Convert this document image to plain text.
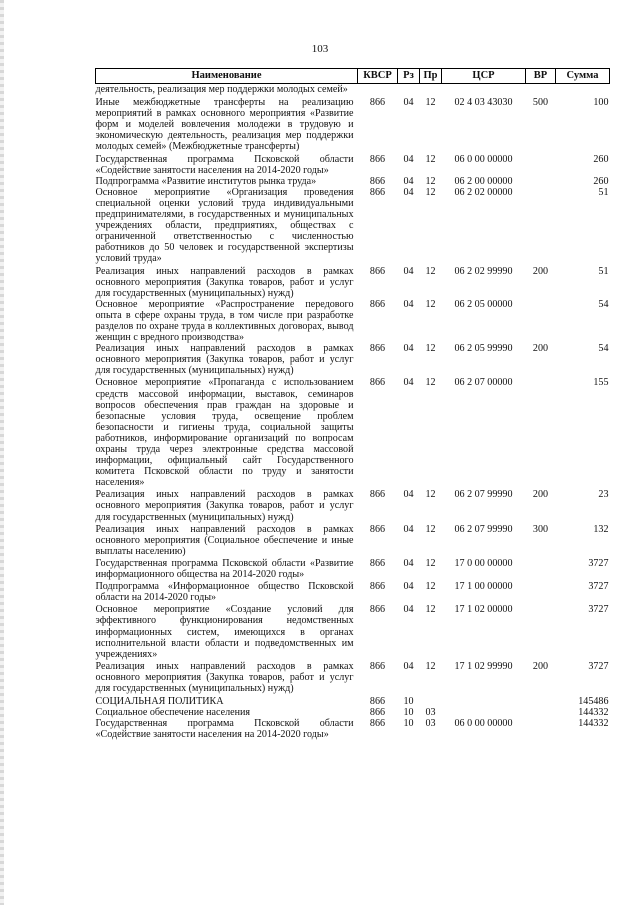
103
Наименование	КВСР	Рз	Пр	ЦСР	ВР	Сумма
деятельность, реализация мер поддержки молодых семей»						
Иные межбюджетные трансферты на реализацию мероприятий в рамках основного мероприятия «Развитие форм и моделей вовлечения молодежи в трудовую и экономическую деятельность, реализация мер поддержки молодых семей» (Межбюджетные трансферты)	866	04	12	02 4 03 43030	500	100
Государственная программа Псковской области «Содействие занятости населения на 2014-2020 годы»	866	04	12	06 0 00 00000		260
Подпрограмма «Развитие институтов рынка труда»	866	04	12	06 2 00 00000		260
Основное мероприятие «Организация проведения специальной оценки условий труда индивидуальными предпринимателями, в государственных и муниципальных учреждениях области, предприятиях, обществах с ограниченной ответственностью с численностью работников до 50 человек и государственной экспертизы условий труда»	866	04	12	06 2 02 00000		51
Реализация иных направлений расходов в рамках основного мероприятия (Закупка товаров, работ и услуг для государственных (муниципальных) нужд)	866	04	12	06 2 02 99990	200	51
Основное мероприятие «Распространение передового опыта в сфере охраны труда, в том числе при разработке разделов по охране труда в коллективных договорах, вывод женщин с вредного производства»	866	04	12	06 2 05 00000		54
Реализация иных направлений расходов в рамках основного мероприятия (Закупка товаров, работ и услуг для государственных (муниципальных) нужд)	866	04	12	06 2 05 99990	200	54
Основное мероприятие «Пропаганда с использованием средств массовой информации, выставок, семинаров вопросов обеспечения прав граждан на здоровые и безопасные условия труда, освещение проблем безопасности и гигиены труда, социальной защиты работников, информирование организаций по вопросам охраны труда через электронные средства массовой информации, официальный сайт Государственного комитета Псковской области по труду и занятости населения»	866	04	12	06 2 07 00000		155
Реализация иных направлений расходов в рамках основного мероприятия (Закупка товаров, работ и услуг для государственных (муниципальных) нужд)	866	04	12	06 2 07 99990	200	23
Реализация иных направлений расходов в рамках основного мероприятия (Социальное обеспечение и иные выплаты населению)	866	04	12	06 2 07 99990	300	132
Государственная программа Псковской области «Развитие информационного общества на 2014-2020 годы»	866	04	12	17 0 00 00000		3727
Подпрограмма «Информационное общество Псковской области на 2014-2020 годы»	866	04	12	17 1 00 00000		3727
Основное мероприятие «Создание условий для эффективного функционирования недомственных информационных систем, имеющихся в органах исполнительной власти области и подведомственных им учреждениях»	866	04	12	17 1 02 00000		3727
Реализация иных направлений расходов в рамках основного мероприятия (Закупка товаров, работ и услуг для государственных (муниципальных) нужд)	866	04	12	17 1 02 99990	200	3727
СОЦИАЛЬНАЯ ПОЛИТИКА	866	10				145486
Социальное обеспечение населения	866	10	03			144332
Государственная программа Псковской области «Содействие занятости населения на 2014-2020 годы»	866	10	03	06 0 00 00000		144332
